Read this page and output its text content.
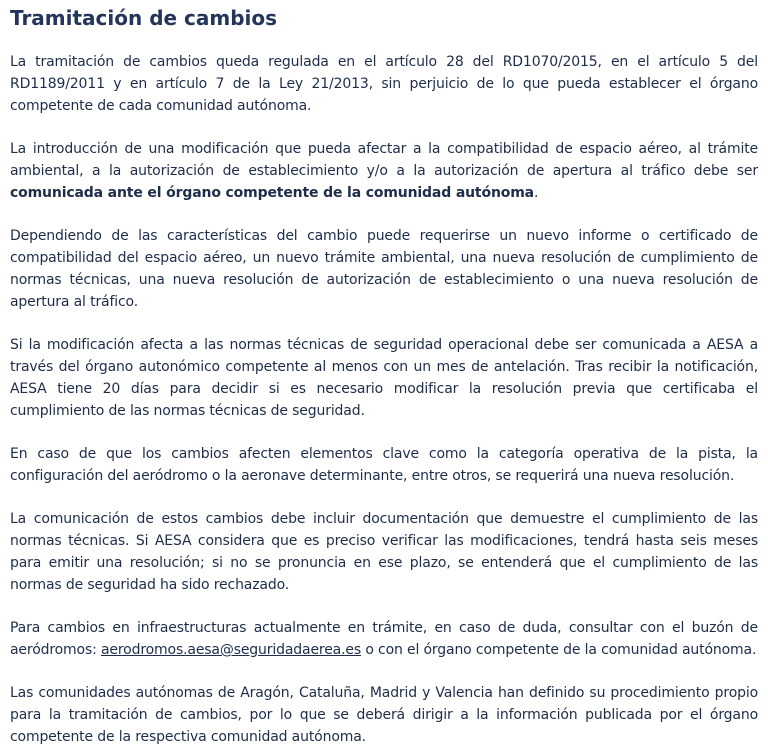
Tramitación de cambios

La tramitación de cambios queda regulada en el artículo 28 del RD1070/2015, en el artículo 5 del RD1189/2011 y en artículo 7 de la Ley 21/2013, sin perjuicio de lo que pueda establecer el órgano competente de cada comunidad autónoma.

La introducción de una modificación que pueda afectar a la compatibilidad de espacio aéreo, al trámite ambiental, a la autorización de establecimiento y/o a la autorización de apertura al tráfico debe ser comunicada ante el órgano competente de la comunidad autónoma.

Dependiendo de las características del cambio puede requerirse un nuevo informe o certificado de compatibilidad del espacio aéreo, un nuevo trámite ambiental, una nueva resolución de cumplimiento de normas técnicas, una nueva resolución de autorización de establecimiento o una nueva resolución de apertura al tráfico.

Si la modificación afecta a las normas técnicas de seguridad operacional debe ser comunicada a AESA a través del órgano autonómico competente al menos con un mes de antelación. Tras recibir la notificación, AESA tiene 20 días para decidir si es necesario modificar la resolución previa que certificaba el cumplimiento de las normas técnicas de seguridad.

En caso de que los cambios afecten elementos clave como la categoría operativa de la pista, la configuración del aeródromo o la aeronave determinante, entre otros, se requerirá una nueva resolución.

La comunicación de estos cambios debe incluir documentación que demuestre el cumplimiento de las normas técnicas. Si AESA considera que es preciso verificar las modificaciones, tendrá hasta seis meses para emitir una resolución; si no se pronuncia en ese plazo, se entenderá que el cumplimiento de las normas de seguridad ha sido rechazado.

Para cambios en infraestructuras actualmente en trámite, en caso de duda, consultar con el buzón de aeródromos: aerodromos.aesa@seguridadaerea.es o con el órgano competente de la comunidad autónoma.

Las comunidades autónomas de Aragón, Cataluña, Madrid y Valencia han definido su procedimiento propio para la tramitación de cambios, por lo que se deberá dirigir a la información publicada por el órgano competente de la respectiva comunidad autónoma.
